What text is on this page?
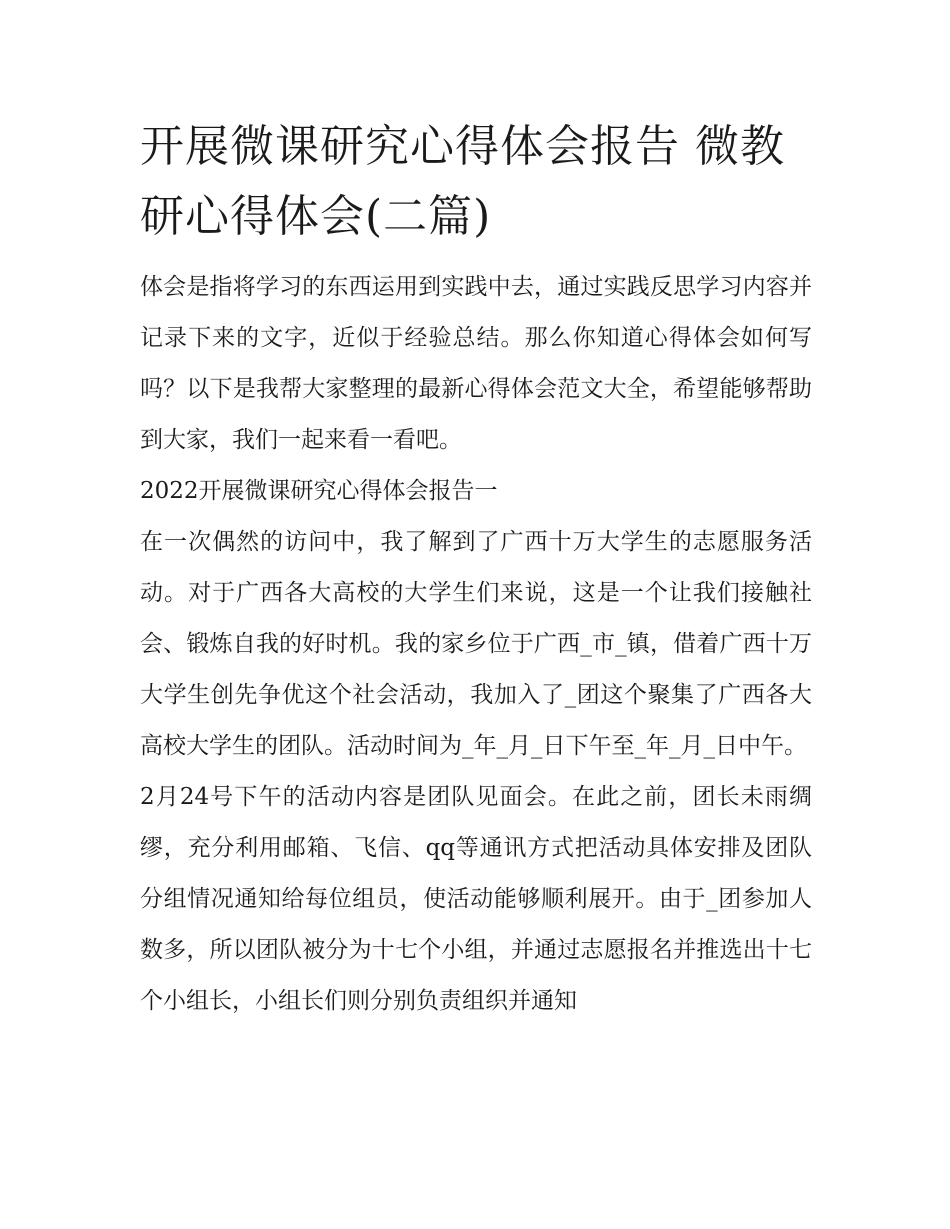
开展微课研究心得体会报告 微教研心得体会(二篇)

体会是指将学习的东西运用到实践中去，通过实践反思学习内容并记录下来的文字，近似于经验总结。那么你知道心得体会如何写吗？以下是我帮大家整理的最新心得体会范文大全，希望能够帮助到大家，我们一起来看一看吧。

2022开展微课研究心得体会报告一

在一次偶然的访问中，我了解到了广西十万大学生的志愿服务活动。对于广西各大高校的大学生们来说，这是一个让我们接触社会、锻炼自我的好时机。我的家乡位于广西_市_镇，借着广西十万大学生创先争优这个社会活动，我加入了_团这个聚集了广西各大高校大学生的团队。活动时间为_年_月_日下午至_年_月_日中午。

2月24号下午的活动内容是团队见面会。在此之前，团长未雨绸缪，充分利用邮箱、飞信、qq等通讯方式把活动具体安排及团队分组情况通知给每位组员，使活动能够顺利展开。由于_团参加人数多，所以团队被分为十七个小组，并通过志愿报名并推选出十七个小组长，小组长们则分别负责组织并通知
